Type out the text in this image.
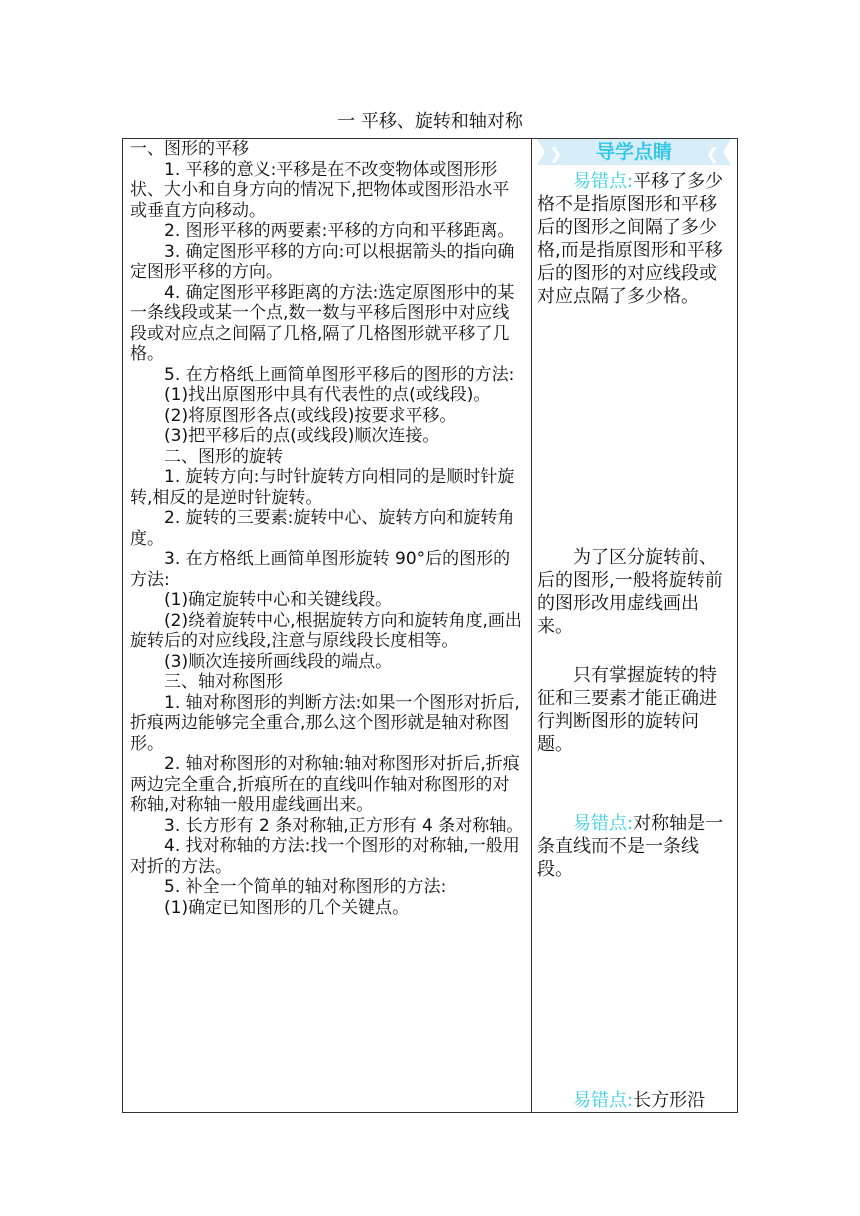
一 平移、旋转和轴对称

一、图形的平移

1. 平移的意义:平移是在不改变物体或图形形状、大小和自身方向的情况下,把物体或图形沿水平或垂直方向移动。

2. 图形平移的两要素:平移的方向和平移距离。

3. 确定图形平移的方向:可以根据箭头的指向确定图形平移的方向。

4. 确定图形平移距离的方法:选定原图形中的某一条线段或某一个点,数一数与平移后图形中对应线段或对应点之间隔了几格,隔了几格图形就平移了几格。

5. 在方格纸上画简单图形平移后的图形的方法:

(1)找出原图形中具有代表性的点(或线段)。

(2)将原图形各点(或线段)按要求平移。

(3)把平移后的点(或线段)顺次连接。

二、图形的旋转

1. 旋转方向:与时针旋转方向相同的是顺时针旋转,相反的是逆时针旋转。

2. 旋转的三要素:旋转中心、旋转方向和旋转角度。

3. 在方格纸上画简单图形旋转 90°后的图形的方法:

(1)确定旋转中心和关键线段。

(2)绕着旋转中心,根据旋转方向和旋转角度,画出旋转后的对应线段,注意与原线段长度相等。

(3)顺次连接所画线段的端点。

三、轴对称图形

1. 轴对称图形的判断方法:如果一个图形对折后,折痕两边能够完全重合,那么这个图形就是轴对称图形。

2. 轴对称图形的对称轴:轴对称图形对折后,折痕两边完全重合,折痕所在的直线叫作轴对称图形的对称轴,对称轴一般用虚线画出来。

3. 长方形有 2 条对称轴,正方形有 4 条对称轴。

4. 找对称轴的方法:找一个图形的对称轴,一般用对折的方法。

5. 补全一个简单的轴对称图形的方法:

(1)确定已知图形的几个关键点。

❯	导学点睛	❮

易错点:平移了多少格不是指原图形和平移后的图形之间隔了多少格,而是指原图形和平移后的图形的对应线段或对应点隔了多少格。

为了区分旋转前、后的图形,一般将旋转前的图形改用虚线画出来。

只有掌握旋转的特征和三要素才能正确进行判断图形的旋转问题。

易错点:对称轴是一条直线而不是一条线段。

易错点:长方形沿
